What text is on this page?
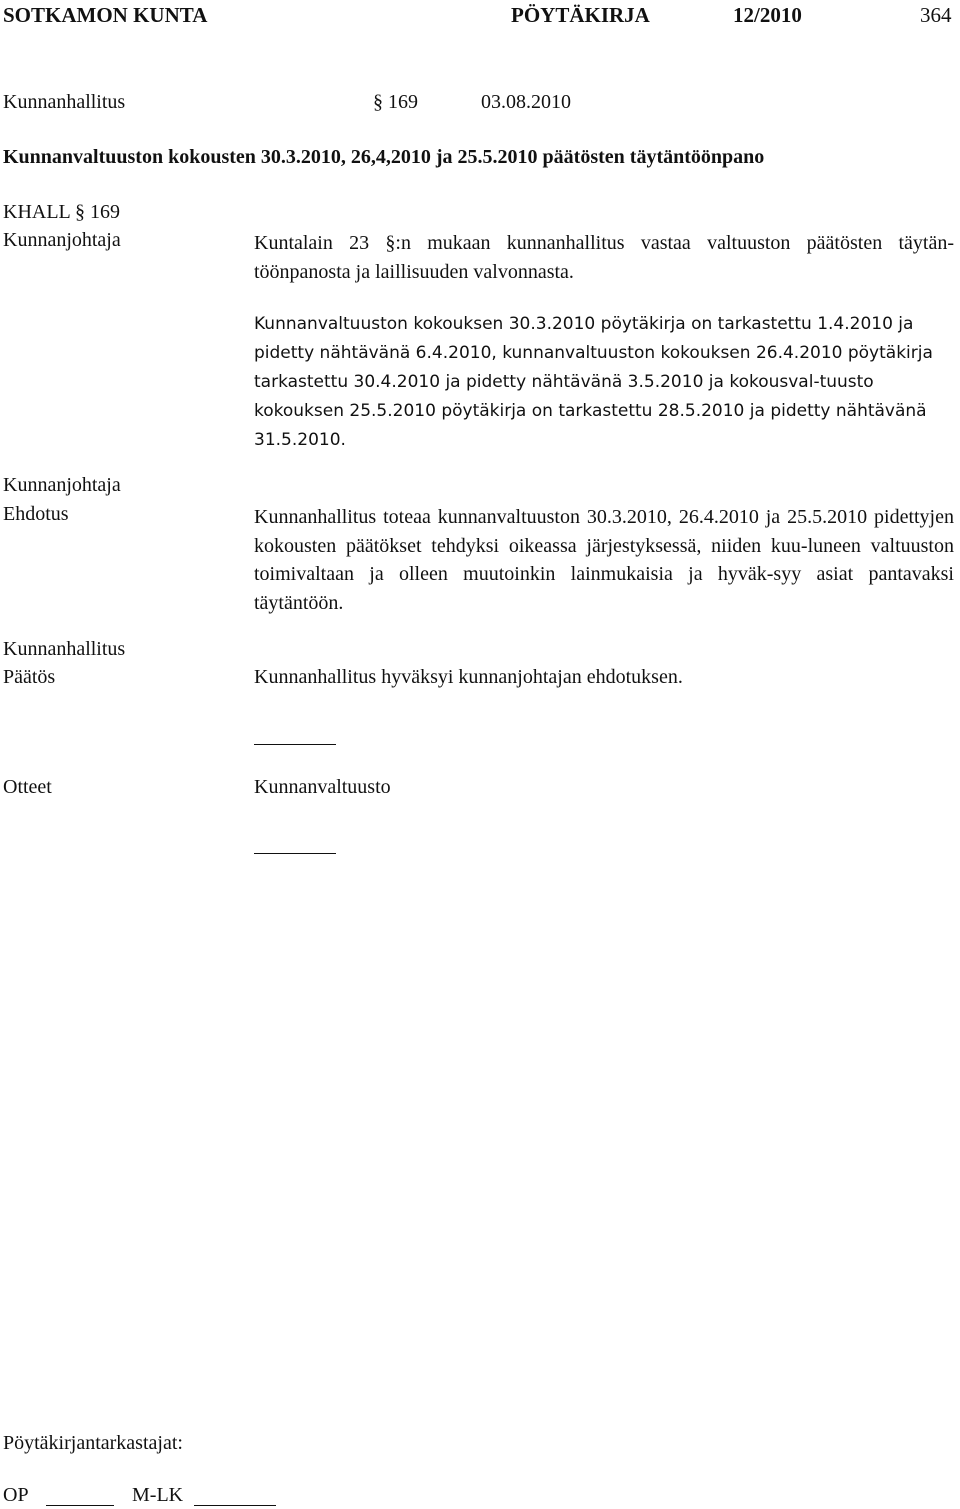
SOTKAMON KUNTA	PÖYTÄKIRJA	12/2010	364
Kunnanhallitus	§ 169	03.08.2010
Kunnanvaltuuston kokousten 30.3.2010, 26,4,2010 ja 25.5.2010 päätösten täytäntöönpano
KHALL § 169
Kunnanjohtaja	Kuntalain 23 §:n mukaan kunnanhallitus vastaa valtuuston päätösten täytän-töönpanosta ja laillisuuden valvonnasta.
Kunnanvaltuuston kokouksen 30.3.2010 pöytäkirja on tarkastettu 1.4.2010 ja pidetty nähtävänä 6.4.2010, kunnanvaltuuston kokouksen 26.4.2010 pöytäkirja tarkastettu 30.4.2010 ja pidetty nähtävänä 3.5.2010 ja kokousval-tuusto kokouksen 25.5.2010 pöytäkirja on tarkastettu 28.5.2010 ja pidetty nähtävänä 31.5.2010.
Kunnanjohtaja
Ehdotus	Kunnanhallitus toteaa kunnanvaltuuston 30.3.2010, 26.4.2010 ja 25.5.2010 pidettyjen kokousten päätökset tehdyksi oikeassa järjestyksessä, niiden kuu-luneen valtuuston toimivaltaan ja olleen muutoinkin lainmukaisia ja hyväk-syy asiat pantavaksi täytäntöön.
Kunnanhallitus
Päätös	Kunnanhallitus hyväksyi kunnanjohtajan ehdotuksen.
Otteet	Kunnanvaltuusto
Pöytäkirjantarkastajat:
OP	M-LK
